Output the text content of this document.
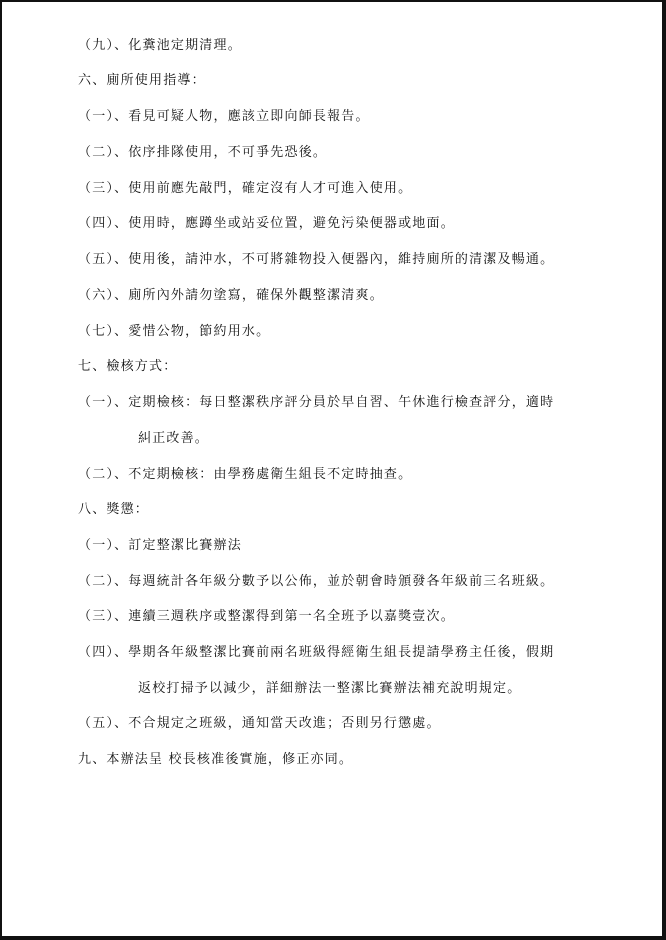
（九）、化糞池定期清理。
六、廁所使用指導：
（一）、看見可疑人物，應該立即向師長報告。
（二）、依序排隊使用，不可爭先恐後。
（三）、使用前應先敲門，確定沒有人才可進入使用。
（四）、使用時，應蹲坐或站妥位置，避免污染便器或地面。
（五）、使用後，請沖水，不可將雜物投入便器內，維持廁所的清潔及暢通。
（六）、廁所內外請勿塗寫，確保外觀整潔清爽。
（七）、愛惜公物，節約用水。
七、檢核方式：
（一）、定期檢核：每日整潔秩序評分員於早自習、午休進行檢查評分，適時
糾正改善。
（二）、不定期檢核：由學務處衛生組長不定時抽查。
八、獎懲：
（一）、訂定整潔比賽辦法
（二）、每週統計各年級分數予以公佈，並於朝會時頒發各年級前三名班級。
（三）、連續三週秩序或整潔得到第一名全班予以嘉獎壹次。
（四）、學期各年級整潔比賽前兩名班級得經衛生組長提請學務主任後，假期
返校打掃予以減少，詳細辦法一整潔比賽辦法補充說明規定。
（五）、不合規定之班級，通知當天改進；否則另行懲處。
九、本辦法呈 校長核准後實施，修正亦同。
